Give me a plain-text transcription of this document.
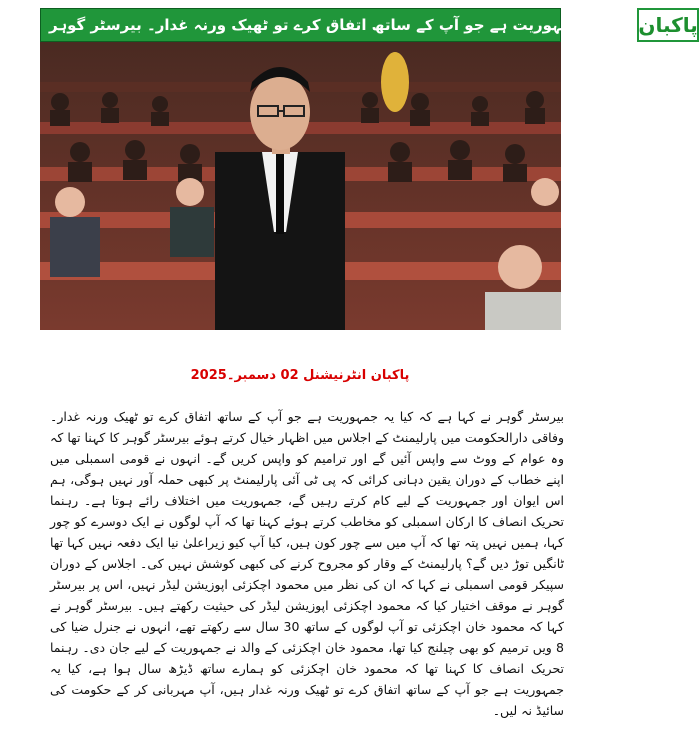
کیا یہ جمہوریت ہے جو آپ کے ساتھ اتفاق کرے تو ٹھیک ورنہ غدار۔ بیرسٹر گوہر پاکبان
پاکبان انٹرنیشنل 02 دسمبر۔2025
بیرسٹر گوہر نے کہا ہے کہ کیا یہ جمہوریت ہے جو آپ کے ساتھ اتفاق کرے تو ٹھیک ورنہ غدار۔ وفاقی دارالحکومت میں پارلیمنٹ کے اجلاس میں اظہار خیال کرتے ہوئے بیرسٹر گوہر کا کہنا تھا کہ وہ عوام کے ووٹ سے واپس آئیں گے اور ترامیم کو واپس کریں گے۔ انہوں نے قومی اسمبلی میں اپنے خطاب کے دوران یقین دہانی کرائی کہ پی ٹی آئی پارلیمنٹ پر کبھی حملہ آور نہیں ہوگی، ہم اس ایوان اور جمہوریت کے لیے کام کرتے رہیں گے، جمہوریت میں اختلاف رائے ہوتا ہے۔ رہنما تحریک انصاف کا ارکان اسمبلی کو مخاطب کرتے ہوئے کہنا تھا کہ آپ لوگوں نے ایک دوسرے کو چور کہا، ہمیں نہیں پتہ تھا کہ آپ میں سے چور کون ہیں، کیا آپ کیو زیراعلیٰ نیا ایک دفعہ نہیں کہا تھا ٹانگیں توڑ دیں گے؟ پارلیمنٹ کے وقار کو مجروح کرنے کی کبھی کوشش نہیں کی۔ اجلاس کے دوران سپیکر قومی اسمبلی نے کہا کہ ان کی نظر میں محمود اچکزئی اپوزیشن لیڈر نہیں، اس پر بیرسٹر گوہر نے موقف اختیار کیا کہ محمود اچکزئی اپوزیشن لیڈر کی حیثیت رکھتے ہیں۔ بیرسٹر گوہر نے کہا کہ محمود خان اچکزئی تو آپ لوگوں کے ساتھ 30 سال سے رکھتے تھے، انہوں نے جنرل ضیا کی 8 ویں ترمیم کو بھی چیلنج کیا تھا، محمود خان اچکزئی کے والد نے جمہوریت کے لیے جان دی۔ رہنما تحریک انصاف کا کہنا تھا کہ محمود خان اچکزئی کو ہمارے ساتھ ڈیڑھ سال ہوا ہے، کیا یہ جمہوریت ہے جو آپ کے ساتھ اتفاق کرے تو ٹھیک ورنہ غدار ہیں، آپ مہربانی کر کے حکومت کی سائیڈ نہ لیں۔
